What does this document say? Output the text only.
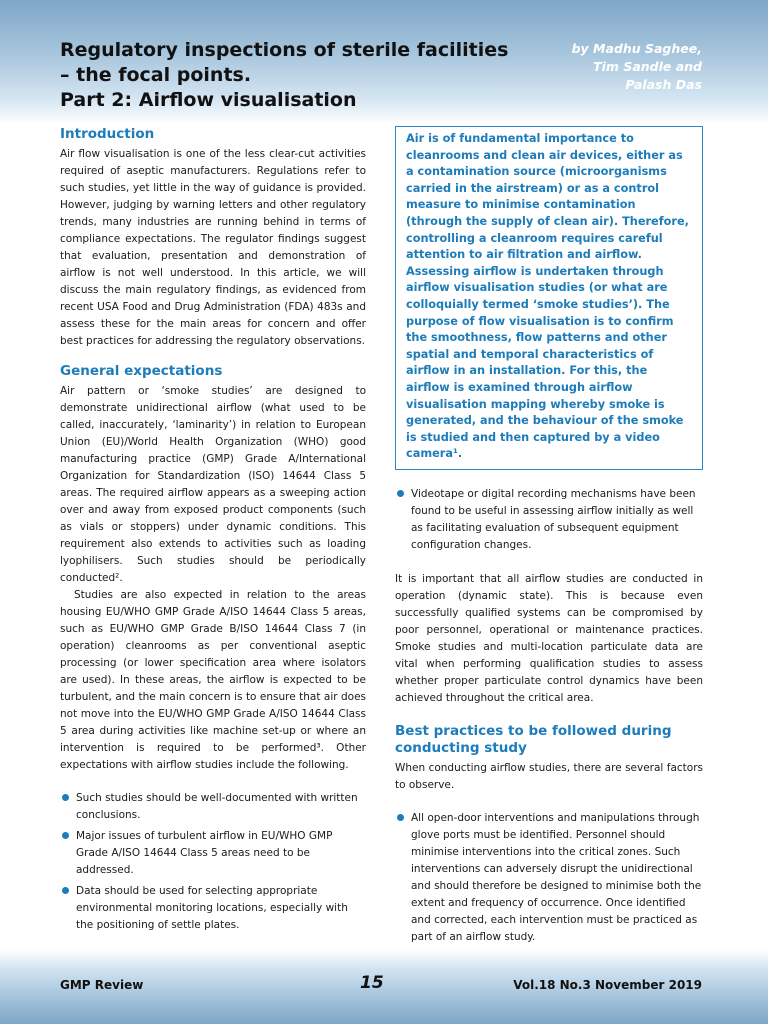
Regulatory inspections of sterile facilities
– the focal points.
Part 2: Airflow visualisation
by Madhu Saghee,
Tim Sandle and
Palash Das
Introduction

Air flow visualisation is one of the less clear-cut activities required of aseptic manufacturers. Regulations refer to such studies, yet little in the way of guidance is provided. However, judging by warning letters and other regulatory trends, many industries are running behind in terms of compliance expectations. The regulator findings suggest that evaluation, presentation and demonstration of airflow is not well understood. In this article, we will discuss the main regulatory findings, as evidenced from recent USA Food and Drug Administration (FDA) 483s and assess these for the main areas for concern and offer best practices for addressing the regulatory observations.

General expectations

Air pattern or ‘smoke studies’ are designed to demonstrate unidirectional airflow (what used to be called, inaccurately, ‘laminarity’) in relation to European Union (EU)/World Health Organization (WHO) good manufacturing practice (GMP) Grade A/International Organization for Standardization (ISO) 14644 Class 5 areas. The required airflow appears as a sweeping action over and away from exposed product components (such as vials or stoppers) under dynamic conditions. This requirement also extends to activities such as loading lyophilisers. Such studies should be periodically conducted².

Studies are also expected in relation to the areas housing EU/WHO GMP Grade A/ISO 14644 Class 5 areas, such as EU/WHO GMP Grade B/ISO 14644 Class 7 (in operation) cleanrooms as per conventional aseptic processing (or lower specification area where isolators are used). In these areas, the airflow is expected to be turbulent, and the main concern is to ensure that air does not move into the EU/WHO GMP Grade A/ISO 14644 Class 5 area during activities like machine set-up or where an intervention is required to be performed³. Other expectations with airflow studies include the following.

Such studies should be well-documented with written conclusions.
Major issues of turbulent airflow in EU/WHO GMP Grade A/ISO 14644 Class 5 areas need to be addressed.
Data should be used for selecting appropriate environmental monitoring locations, especially with the positioning of settle plates.
Air is of fundamental importance to cleanrooms and clean air devices, either as a contamination source (microorganisms carried in the airstream) or as a control measure to minimise contamination (through the supply of clean air). Therefore, controlling a cleanroom requires careful attention to air filtration and airflow. Assessing airflow is undertaken through airflow visualisation studies (or what are colloquially termed ‘smoke studies’). The purpose of flow visualisation is to confirm the smoothness, flow patterns and other spatial and temporal characteristics of airflow in an installation. For this, the airflow is examined through airflow visualisation mapping whereby smoke is generated, and the behaviour of the smoke is studied and then captured by a video camera¹.
Videotape or digital recording mechanisms have been found to be useful in assessing airflow initially as well as facilitating evaluation of subsequent equipment configuration changes.

It is important that all airflow studies are conducted in operation (dynamic state). This is because even successfully qualified systems can be compromised by poor personnel, operational or maintenance practices. Smoke studies and multi-location particulate data are vital when performing qualification studies to assess whether proper particulate control dynamics have been achieved throughout the critical area.

Best practices to be followed during conducting study

When conducting airflow studies, there are several factors to observe.

All open-door interventions and manipulations through glove ports must be identified. Personnel should minimise interventions into the critical zones. Such interventions can adversely disrupt the unidirectional and should therefore be designed to minimise both the extent and frequency of occurrence. Once identified and corrected, each intervention must be practiced as part of an airflow study.
GMP Review	15	Vol.18 No.3 November 2019
